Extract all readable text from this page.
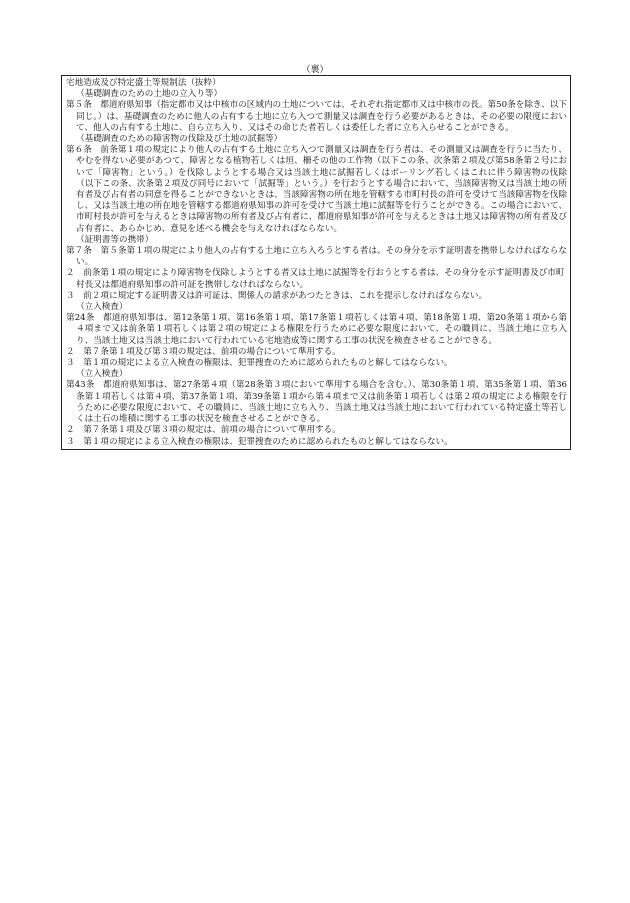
（裏）

宅地造成及び特定盛土等規制法（抜粋）

（基礎調査のための土地の立入り等）

第５条　都道府県知事（指定都市又は中核市の区域内の土地については、それぞれ指定都市又は中核市の長。第50条を除き、以下同じ。）は、基礎調査のために他人の占有する土地に立ち入つて測量又は調査を行う必要があるときは、その必要の限度において、他人の占有する土地に、自ら立ち入り、又はその命じた者若しくは委任した者に立ち入らせることができる。

（基礎調査のための障害物の伐除及び土地の試掘等）

第６条　前条第１項の規定により他人の占有する土地に立ち入つて測量又は調査を行う者は、その測量又は調査を行うに当たり、やむを得ない必要があつて、障害となる植物若しくは垣、柵その他の工作物（以下この条、次条第２項及び第58条第２号において「障害物」という。）を伐除しようとする場合又は当該土地に試掘若しくはボーリング若しくはこれに伴う障害物の伐除（以下この条、次条第２項及び同号において「試掘等」という。）を行おうとする場合において、当該障害物又は当該土地の所有者及び占有者の同意を得ることができないときは、当該障害物の所在地を管轄する市町村長の許可を受けて当該障害物を伐除し、又は当該土地の所在地を管轄する都道府県知事の許可を受けて当該土地に試掘等を行うことができる。この場合において、市町村長が許可を与えるときは障害物の所有者及び占有者に、都道府県知事が許可を与えるときは土地又は障害物の所有者及び占有者に、あらかじめ、意見を述べる機会を与えなければならない。

（証明書等の携帯）

第７条　第５条第１項の規定により他人の占有する土地に立ち入ろうとする者は、その身分を示す証明書を携帯しなければならない。

２　前条第１項の規定により障害物を伐除しようとする者又は土地に試掘等を行おうとする者は、その身分を示す証明書及び市町村長又は都道府県知事の許可証を携帯しなければならない。

３　前２項に規定する証明書又は許可証は、関係人の請求があつたときは、これを提示しなければならない。

（立入検査）

第24条　都道府県知事は、第12条第１項、第16条第１項、第17条第１項若しくは第４項、第18条第１項、第20条第１項から第４項まで又は前条第１項若しくは第２項の規定による権限を行うために必要な限度において、その職員に、当該土地に立ち入り、当該土地又は当該土地において行われている宅地造成等に関する工事の状況を検査させることができる。

２　第７条第１項及び第３項の規定は、前項の場合について準用する。

３　第１項の規定による立入検査の権限は、犯罪捜査のために認められたものと解してはならない。

（立入検査）

第43条　都道府県知事は、第27条第４項（第28条第３項において準用する場合を含む。）、第30条第１項、第35条第１項、第36条第１項若しくは第４項、第37条第１項、第39条第１項から第４項まで又は前条第１項若しくは第２項の規定による権限を行うために必要な限度において、その職員に、当該土地に立ち入り、当該土地又は当該土地において行われている特定盛土等若しくは土石の堆積に関する工事の状況を検査させることができる。

２　第７条第１項及び第３項の規定は、前項の場合について準用する。

３　第１項の規定による立入検査の権限は、犯罪捜査のために認められたものと解してはならない。
